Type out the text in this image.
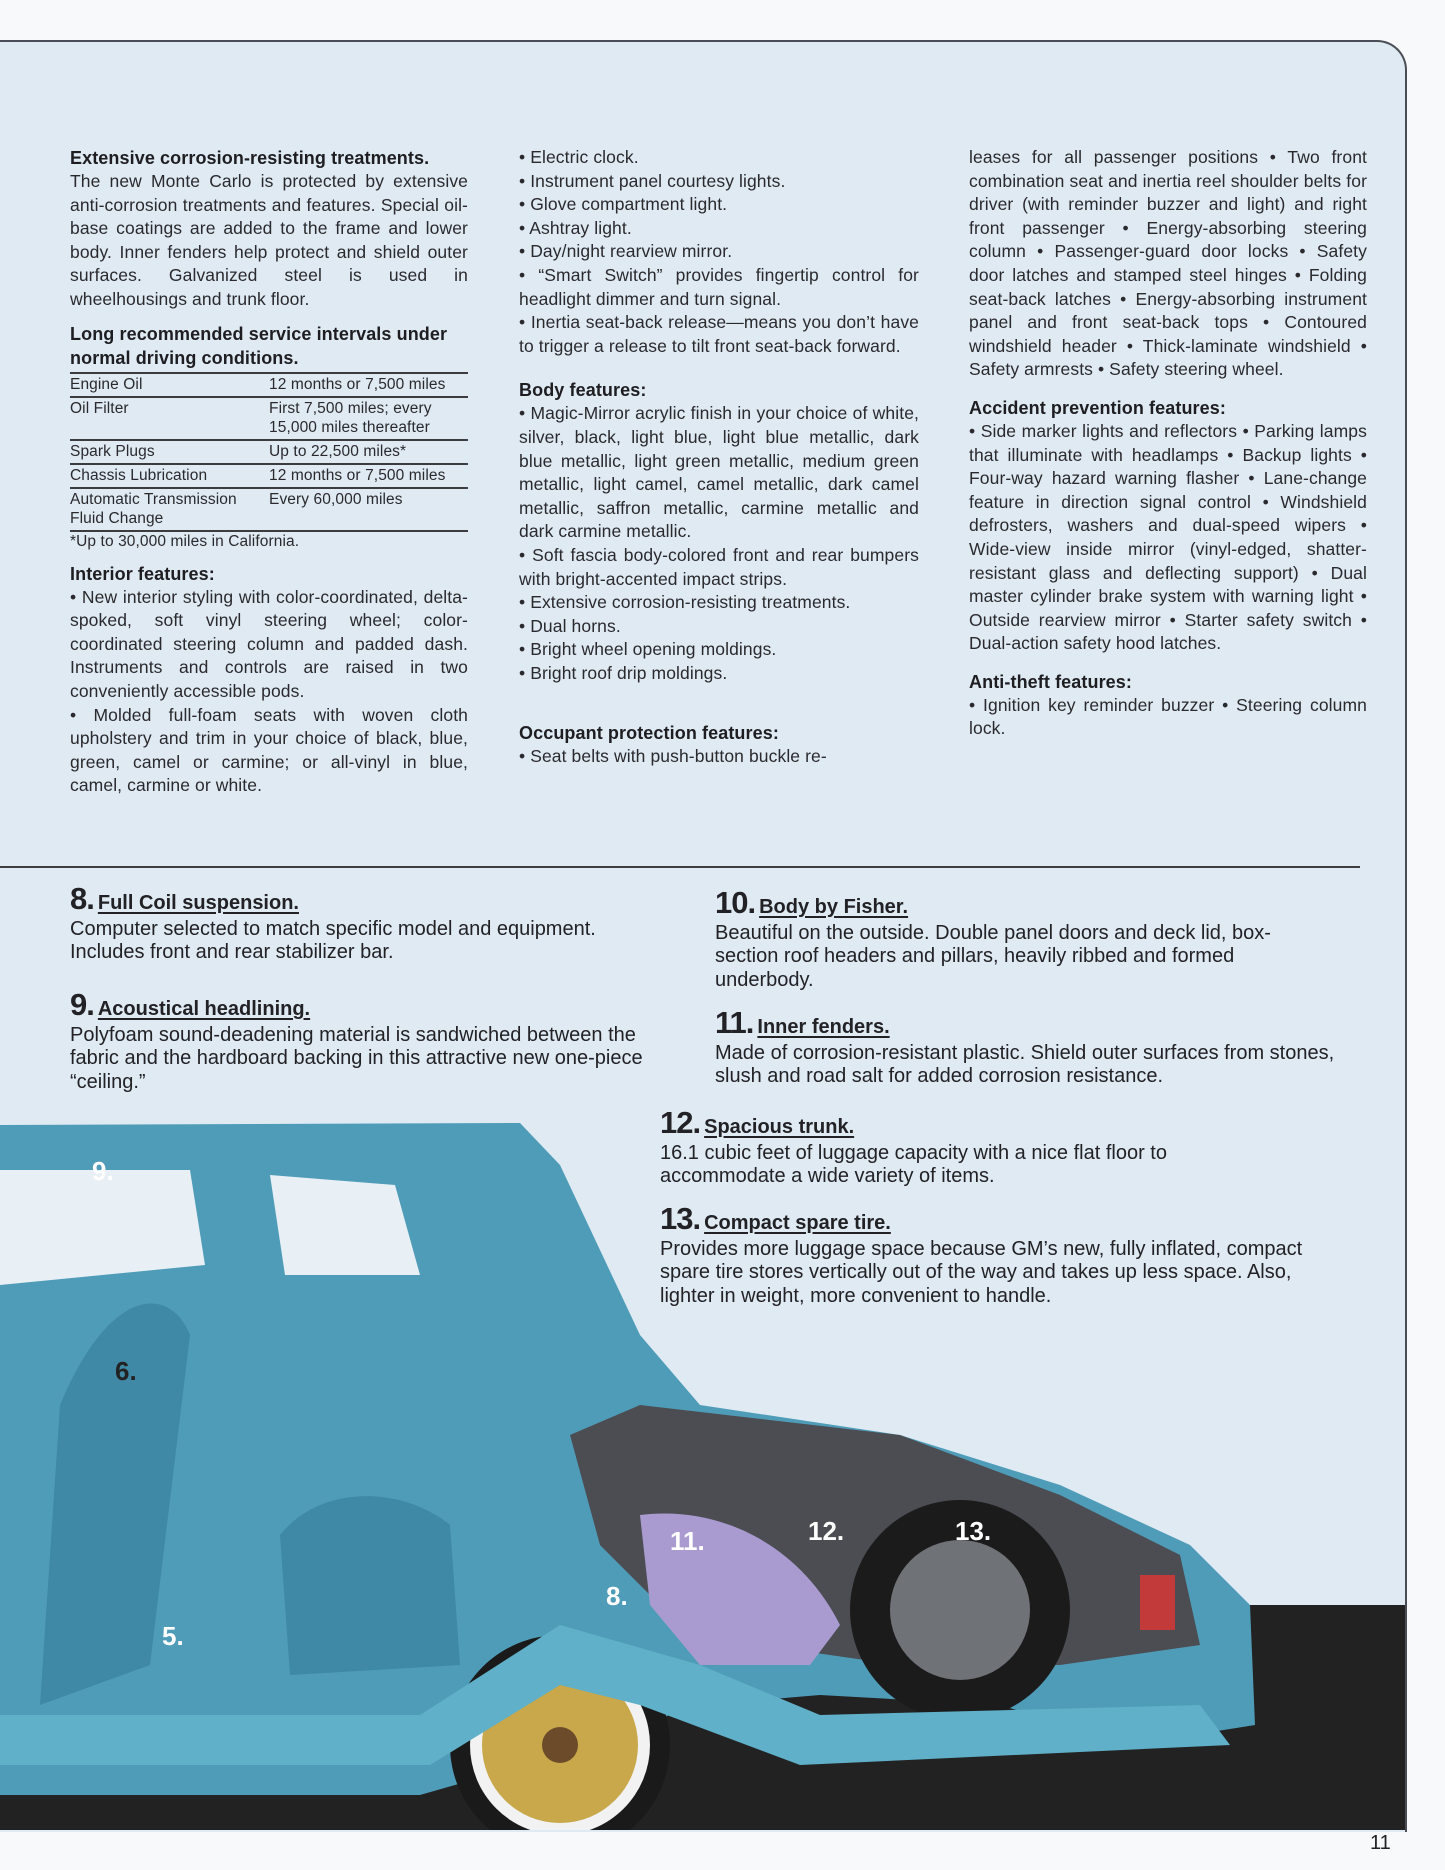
Extensive corrosion-resisting treatments.

The new Monte Carlo is protected by extensive anti-corrosion treatments and features. Special oil-base coatings are added to the frame and lower body. Inner fenders help protect and shield outer surfaces. Galvanized steel is used in wheelhousings and trunk floor.

Long recommended service intervals under normal driving conditions.
Engine Oil	12 months or 7,500 miles
Oil Filter	First 7,500 miles; every 15,000 miles thereafter
Spark Plugs	Up to 22,500 miles*
Chassis Lubrication	12 months or 7,500 miles
Automatic Transmission Fluid Change	Every 60,000 miles

*Up to 30,000 miles in California.

Interior features:

• New interior styling with color-coordinated, delta-spoked, soft vinyl steering wheel; color-coordinated steering column and padded dash. Instruments and controls are raised in two conveniently accessible pods.

• Molded full-foam seats with woven cloth upholstery and trim in your choice of black, blue, green, camel or carmine; or all-vinyl in blue, camel, carmine or white.

• Electric clock.

• Instrument panel courtesy lights.

• Glove compartment light.

• Ashtray light.

• Day/night rearview mirror.

• “Smart Switch” provides fingertip control for headlight dimmer and turn signal.

• Inertia seat-back release—means you don’t have to trigger a release to tilt front seat-back forward.

Body features:

• Magic-Mirror acrylic finish in your choice of white, silver, black, light blue, light blue metallic, dark blue metallic, light green metallic, medium green metallic, light camel, camel metallic, dark camel metallic, saffron metallic, carmine metallic and dark carmine metallic.

• Soft fascia body-colored front and rear bumpers with bright-accented impact strips.

• Extensive corrosion-resisting treatments.

• Dual horns.

• Bright wheel opening moldings.

• Bright roof drip moldings.

Occupant protection features:

• Seat belts with push-button buckle re-

leases for all passenger positions • Two front combination seat and inertia reel shoulder belts for driver (with reminder buzzer and light) and right front passenger • Energy-absorbing steering column • Passenger-guard door locks • Safety door latches and stamped steel hinges • Folding seat-back latches • Energy-absorbing instrument panel and front seat-back tops • Contoured windshield header • Thick-laminate windshield • Safety armrests • Safety steering wheel.

Accident prevention features:

• Side marker lights and reflectors • Parking lamps that illuminate with headlamps • Backup lights • Four-way hazard warning flasher • Lane-change feature in direction signal control • Windshield defrosters, washers and dual-speed wipers • Wide-view inside mirror (vinyl-edged, shatter-resistant glass and deflecting support) • Dual master cylinder brake system with warning light • Outside rearview mirror • Starter safety switch • Dual-action safety hood latches.

Anti-theft features:

• Ignition key reminder buzzer • Steering column lock.

9.
6.
5.
11.
8.
12.	13.
8. Full Coil suspension.

Computer selected to match specific model and equipment. Includes front and rear stabilizer bar.

9. Acoustical headlining.

Polyfoam sound-deadening material is sandwiched between the fabric and the hardboard backing in this attractive new one-piece “ceiling.”

10. Body by Fisher.

Beautiful on the outside. Double panel doors and deck lid, box-section roof headers and pillars, heavily ribbed and formed underbody.

11. Inner fenders.

Made of corrosion-resistant plastic. Shield outer surfaces from stones, slush and road salt for added corrosion resistance.

12. Spacious trunk.

16.1 cubic feet of luggage capacity with a nice flat floor to accommodate a wide variety of items.

13. Compact spare tire.

Provides more luggage space because GM’s new, fully inflated, compact spare tire stores vertically out of the way and takes up less space. Also, lighter in weight, more convenient to handle.

11
